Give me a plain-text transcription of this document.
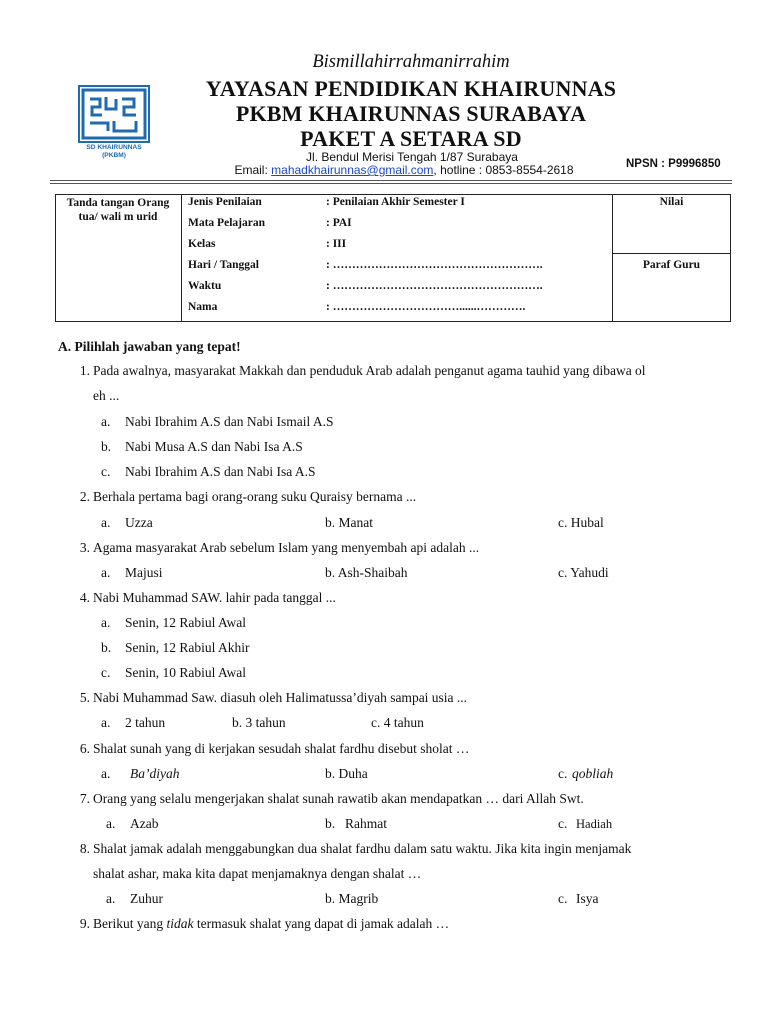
SD KHAIRUNNAS
(PKBM)
Bismillahirrahmanirrahim
YAYASAN PENDIDIKAN KHAIRUNNAS
PKBM KHAIRUNNAS SURABAYA
PAKET A SETARA SD
Jl. Bendul Merisi Tengah 1/87 Surabaya
Email: mahadkhairunnas@gmail.com, hotline : 0853-8554-2618	NPSN : P9996850
Tanda tangan Orang tua/ wali m urid
Jenis Penilaian	: Penilaian Akhir Semester I
Mata Pelajaran	: PAI
Kelas	: III
Hari / Tanggal	: ……………………………………………….
Waktu	: ……………………………………………….
Nama	: ……………………………......………….
Nilai
Paraf Guru
A. Pilihlah jawaban yang tepat!
1. Pada awalnya, masyarakat Makkah dan penduduk Arab adalah penganut agama tauhid yang dibawa ol
eh ...
a. Nabi Ibrahim A.S dan Nabi Ismail A.S
b. Nabi Musa A.S dan Nabi Isa A.S
c. Nabi Ibrahim A.S dan Nabi Isa A.S
2. Berhala pertama bagi orang-orang suku Quraisy bernama ...
a. Uzza	b. Manat	c. Hubal
3. Agama masyarakat Arab sebelum Islam yang menyembah api adalah ...
a. Majusi	b. Ash-Shaibah	c. Yahudi
4. Nabi Muhammad SAW. lahir pada tanggal ...
a. Senin, 12 Rabiul Awal
b. Senin, 12 Rabiul Akhir
c. Senin, 10 Rabiul Awal
5. Nabi Muhammad Saw. diasuh oleh Halimatussa’diyah sampai usia ...
a. 2 tahun	b. 3 tahun	c. 4 tahun
6. Shalat sunah yang di kerjakan sesudah shalat fardhu disebut sholat …
a. Ba’diyah	b. Duha	c. qobliah
7. Orang yang selalu mengerjakan shalat sunah rawatib akan mendapatkan … dari Allah Swt.
a. Azab	b. Rahmat	c. Hadiah
8. Shalat jamak adalah menggabungkan dua shalat fardhu dalam satu waktu. Jika kita ingin menjamak
shalat ashar, maka kita dapat menjamaknya dengan shalat …
a. Zuhur	b. Magrib	c. Isya
9. Berikut yang tidak termasuk shalat yang dapat di jamak adalah …
